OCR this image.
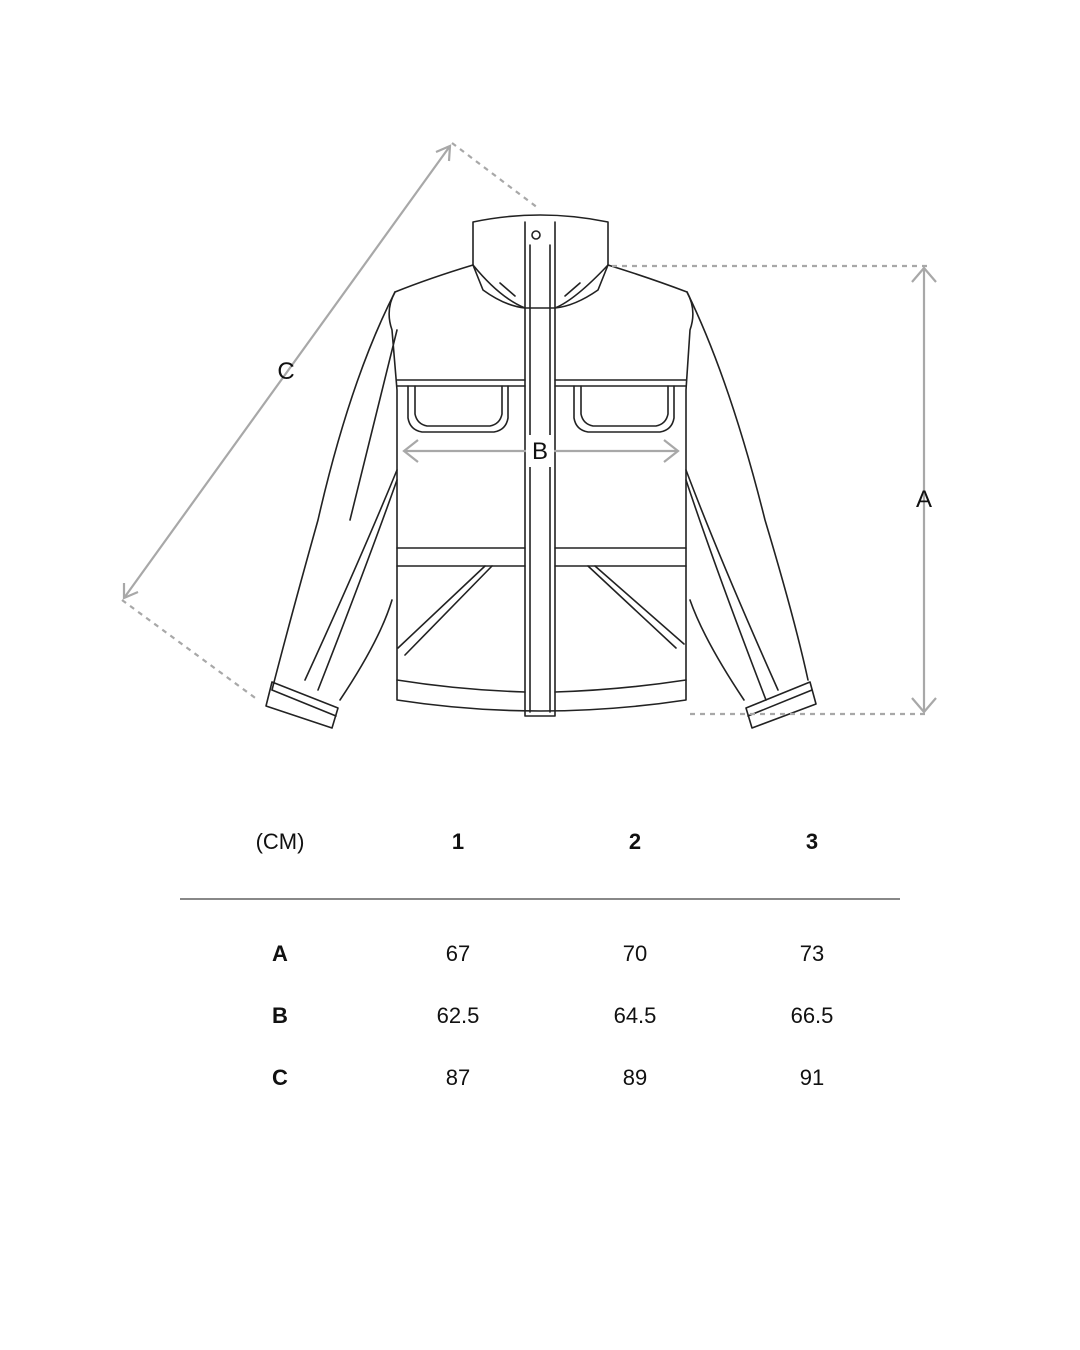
A
B
C
(CM)	1	2	3
A	67	70	73
B	62.5	64.5	66.5
C	87	89	91
